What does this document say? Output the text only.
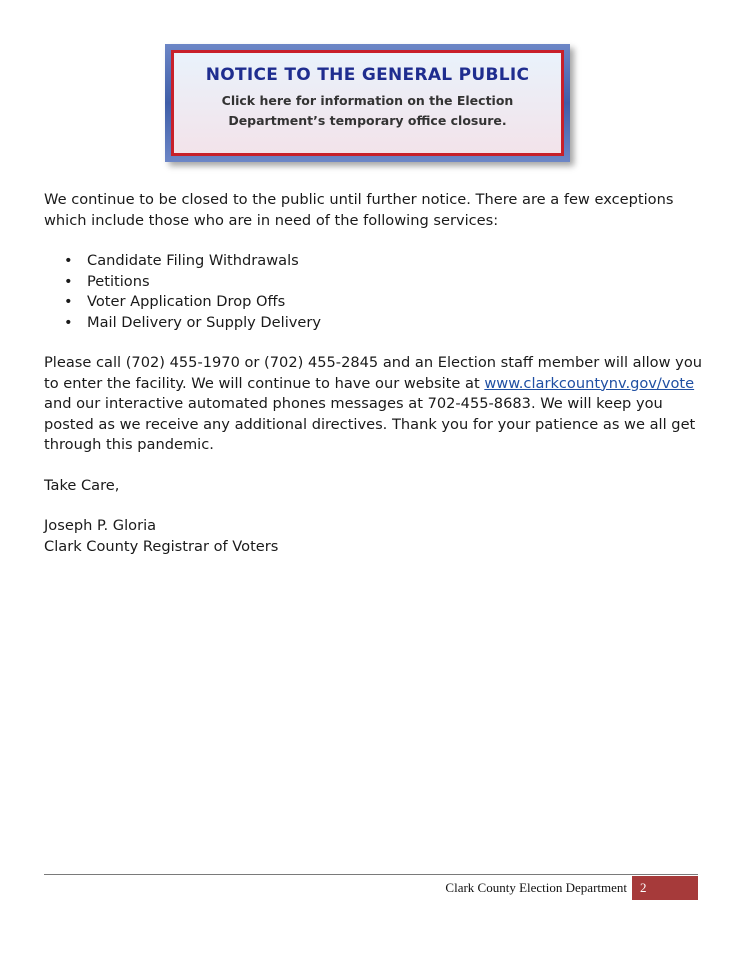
NOTICE TO THE GENERAL PUBLIC
Click here for information on the Election
Department’s temporary office closure.

We continue to be closed to the public until further notice. There are a few exceptions which include those who are in need of the following services:

• Candidate Filing Withdrawals
• Petitions
• Voter Application Drop Offs
• Mail Delivery or Supply Delivery

Please call (702) 455-1970 or (702) 455-2845 and an Election staff member will allow you to enter the facility. We will continue to have our website at www.clarkcountynv.gov/vote and our interactive automated phones messages at 702-455-8683. We will keep you posted as we receive any additional directives. Thank you for your patience as we all get through this pandemic.

Take Care,

Joseph P. Gloria

Clark County Registrar of Voters

Clark County Election Department	2
